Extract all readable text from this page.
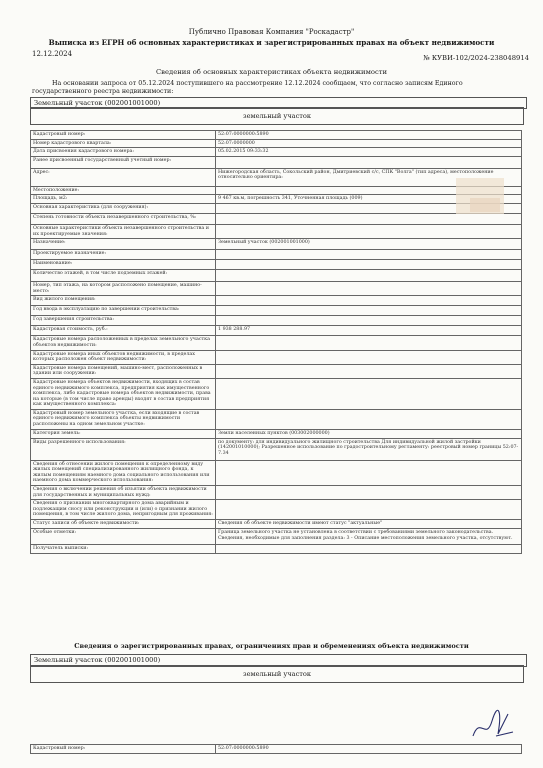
Публично Правовая Компания "Роскадастр"
Выписка из ЕГРН об основных характеристиках и зарегистрированных правах на объект недвижимости
12.12.2024	№ КУВИ-102/2024-238048914
Сведения об основных характеристиках объекта недвижимости
На основании запроса от 05.12.2024 поступившего на рассмотрение 12.12.2024 сообщаем, что согласно записям Единого государственного реестра недвижимости:
Земельный участок (002001001000)
земельный участок
Кадастровый номер:	52:07:0000000:5890
Номер кадастрового квартала:	52:07:0000000
Дата присвоения кадастрового номера:	05.02.2015 09:33:32
Ранее присвоенный государственный учетный номер:	
Адрес:	Нижегородская область, Сокольский район, Дмитриевский с/с, СПК "Волга" (тип адреса), местоположение относительно ориентира:
Местоположение:	
Площадь, м2:	9 467 кв.м, погрешность 341, Уточненная площадь (009)
Основная характеристика (для сооружения):	
Степень готовности объекта незавершенного строительства, %:	
Основные характеристики объекта незавершенного строительства и их проектируемые значения:	
Назначение:	Земельный участок (002001001000)
Проектируемое назначение:	
Наименование:	
Количество этажей, в том числе подземных этажей:	
Номер, тип этажа, на котором расположено помещение, машино-место:	
Вид жилого помещения:	
Год ввода в эксплуатацию по завершении строительства:	
Год завершения строительства:	
Кадастровая стоимость, руб.:	1 938 288.97
Кадастровые номера расположенных в пределах земельного участка объектов недвижимости:	
Кадастровые номера иных объектов недвижимости, в пределах которых расположен объект недвижимости:	
Кадастровые номера помещений, машино-мест, расположенных в здании или сооружении:	
Кадастровые номера объектов недвижимости, входящих в состав единого недвижимого комплекса, предприятия как имущественного комплекса, либо кадастровые номера объектов недвижимости, права на которые (в том числе право аренды) входят в состав предприятия как имущественного комплекса:	
Кадастровый номер земельного участка, если входящие в состав единого недвижимого комплекса объекты недвижимости расположены на одном земельном участке:	
Категория земель:	Земли населенных пунктов (003002000000)
Виды разрешенного использования:	по документу: для индивидуального жилищного строительства Для индивидуальной жилой застройки (142001010000); Разрешенное использование по градостроительному регламенту: реестровый номер границы 52:07-7.34
Сведения об отнесении жилого помещения к определенному виду жилых помещений специализированного жилищного фонда, к жилым помещениям наемного дома социального использования или наемного дома коммерческого использования:	
Сведения о включении решения об изъятии объекта недвижимости для государственных и муниципальных нужд:	
Сведения о признании многоквартирного дома аварийным и подлежащим сносу или реконструкции и (или) о признании жилого помещения, в том числе жилого дома, непригодным для проживания:	
Статус записи об объекте недвижимости:	Сведения об объекте недвижимости имеют статус "актуальные"
Особые отметки:	Граница земельного участка не установлена в соответствии с требованиями земельного законодательства. Сведения, необходимые для заполнения раздела: 3 - Описание местоположения земельного участка, отсутствуют.
Получатель выписки:	
Сведения о зарегистрированных правах, ограничениях прав и обременениях объекта недвижимости
Земельный участок (002001001000)
земельный участок
Кадастровый номер:	52:07:0000000:5890
